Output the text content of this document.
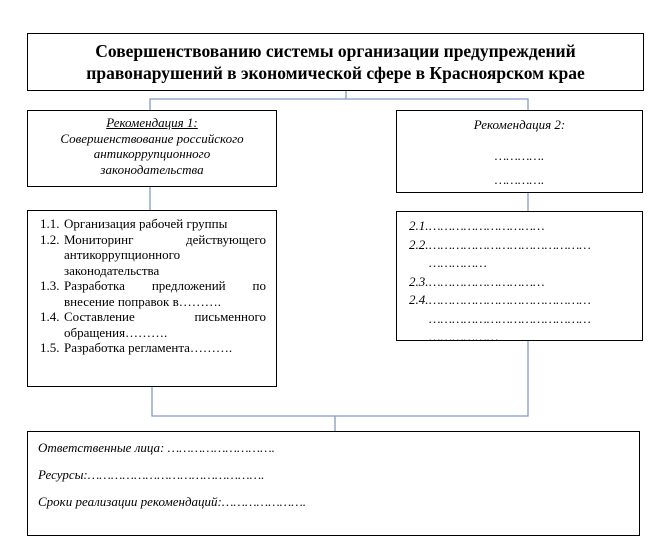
Совершенствованию системы организации предупреждений
правонарушений в экономической сфере в Красноярском крае
Рекомендация 1:
Совершенствование российского
антикоррупционного
законодательства
Рекомендация 2:
………….
………….
1.1. Организация рабочей группы
1.2. Мониторинг действующего антикоррупционного законодательства
1.3. Разработка предложений по внесение поправок в……….
1.4. Составление письменного обращения……….
1.5. Разработка регламента……….
2.1. …………………………
2.2. …………………………………… ……………
2.3. …………………………
2.4. …………………………………… …………………………………… ………………
Ответственные лица: ……………………….
Ресурсы:……………………………………….
Сроки реализации рекомендаций:………………….
